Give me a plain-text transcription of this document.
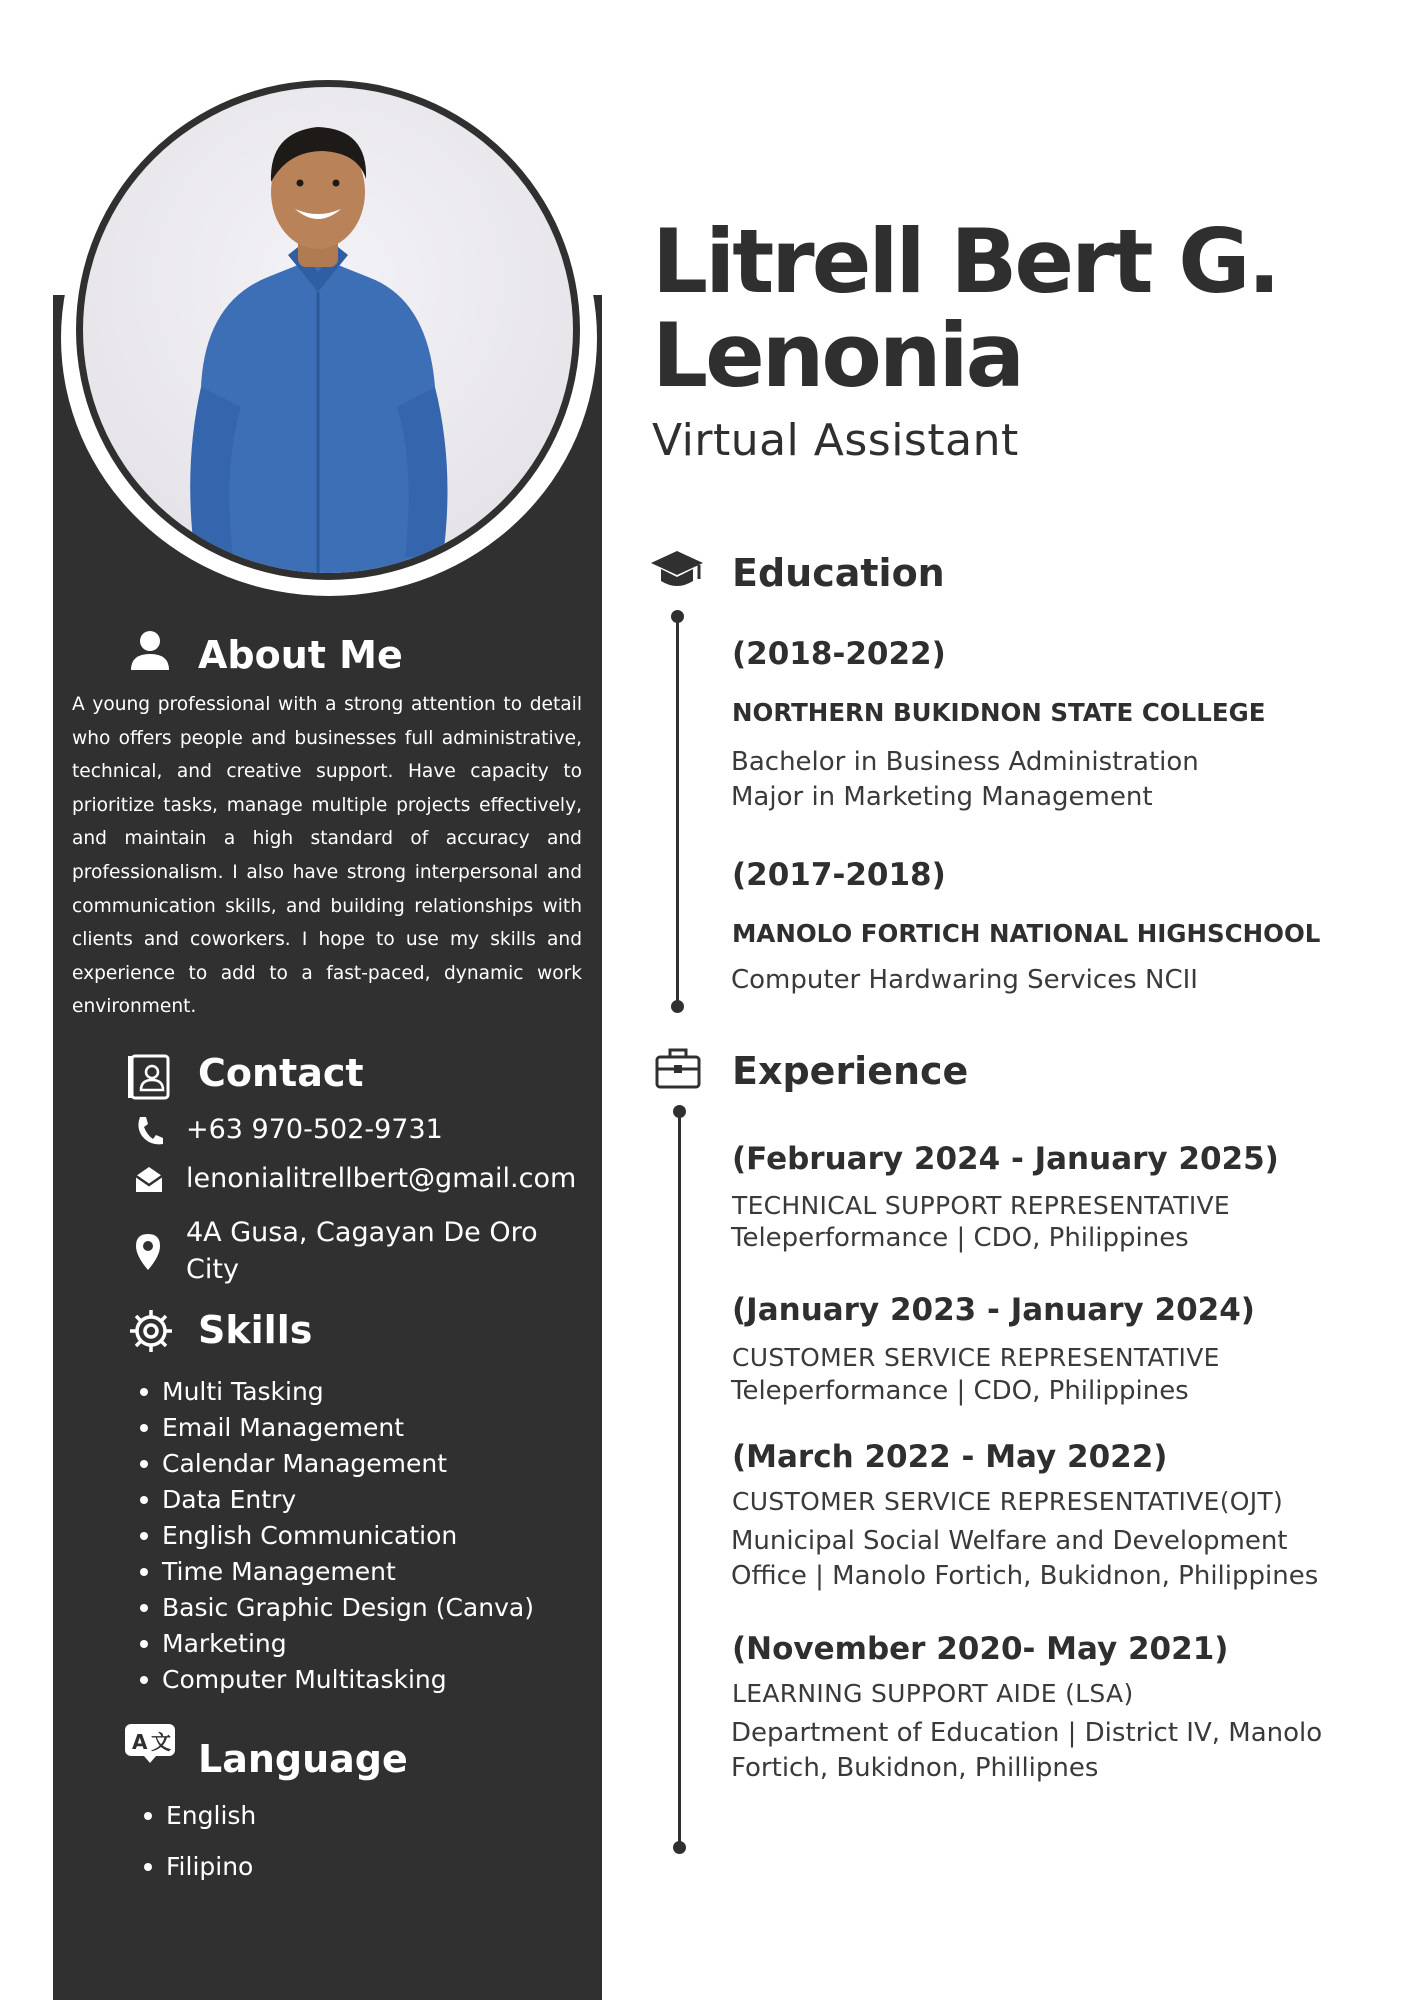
Litrell Bert G.
Lenonia
Virtual Assistant
About Me
A young professional with a strong attention to detail who offers people and businesses full administrative, technical, and creative support. Have capacity to prioritize tasks, manage multiple projects effectively, and maintain a high standard of accuracy and professionalism. I also have strong interpersonal and communication skills, and building relationships with clients and coworkers. I hope to use my skills and experience to add to a fast-paced, dynamic work environment.
Contact
+63 970-502-9731
lenonialitrellbert@gmail.com
4A Gusa, Cagayan De Oro
City
Skills
Multi Tasking
Email Management
Calendar Management
Data Entry
English Communication
Time Management
Basic Graphic Design (Canva)
Marketing
Computer Multitasking
A 文 Language
English
Filipino
Education
(2018-2022)
NORTHERN BUKIDNON STATE COLLEGE
Bachelor in Business Administration
Major in Marketing Management
(2017-2018)
MANOLO FORTICH NATIONAL HIGHSCHOOL
Computer Hardwaring Services NCII
Experience
(February 2024 - January 2025)
TECHNICAL SUPPORT REPRESENTATIVE
Teleperformance | CDO, Philippines
(January 2023 - January 2024)
CUSTOMER SERVICE REPRESENTATIVE
Teleperformance | CDO, Philippines
(March 2022 - May 2022)
CUSTOMER SERVICE REPRESENTATIVE(OJT)
Municipal Social Welfare and Development
Office | Manolo Fortich, Bukidnon, Philippines
(November 2020- May 2021)
LEARNING SUPPORT AIDE (LSA)
Department of Education | District IV, Manolo
Fortich, Bukidnon, Phillipnes
